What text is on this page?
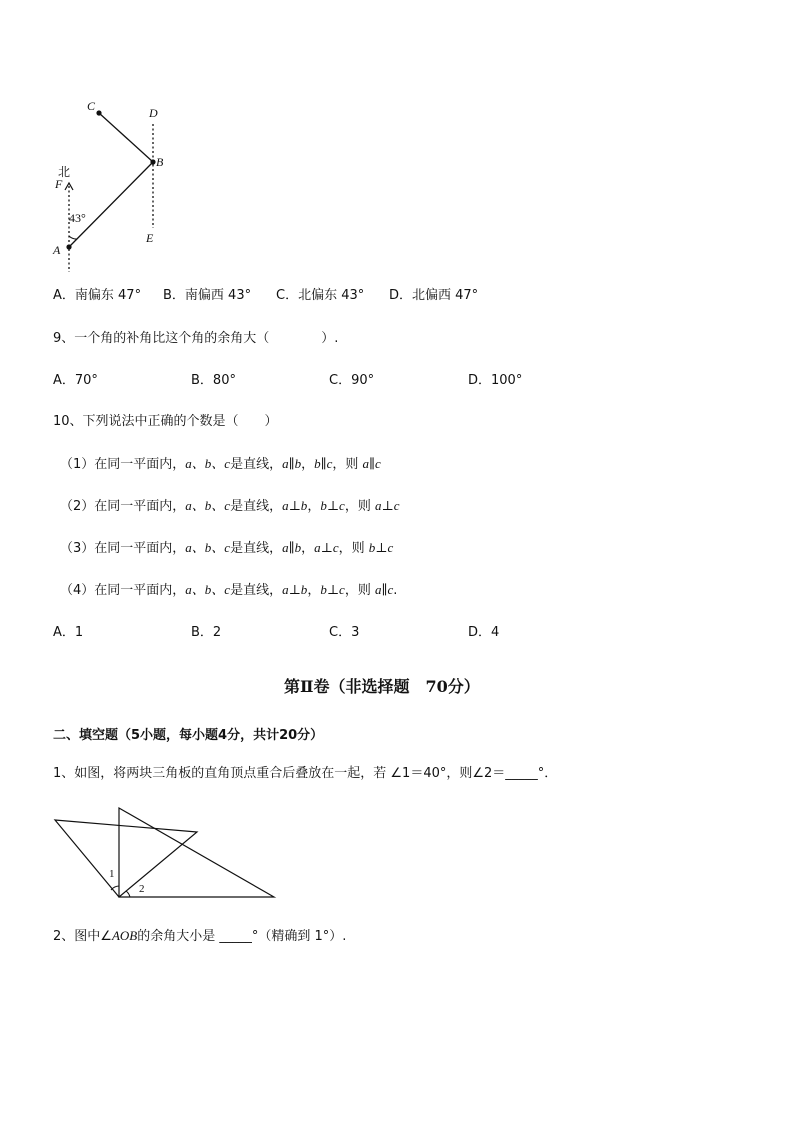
C	D
B
北
F
43°
A
E
A．南偏东 47° B．南偏西 43° C．北偏东 43° D．北偏西 47°
9、一个角的补角比这个角的余角大（　　　　）.
A．70°	B．80°	C．90°	D．100°
10、下列说法中正确的个数是（　　）
（1）在同一平面内，a、b、c是直线，a∥b，b∥c，则 a∥c
（2）在同一平面内，a、b、c是直线，a⊥b，b⊥c，则 a⊥c
（3）在同一平面内，a、b、c是直线，a∥b，a⊥c，则 b⊥c
（4）在同一平面内，a、b、c是直线，a⊥b，b⊥c，则 a∥c.
A．1	B．2	C．3	D．4
第Ⅱ卷（非选择题　70分）
二、填空题（5小题，每小题4分，共计20分）
1、如图，将两块三角板的直角顶点重合后叠放在一起，若 ∠1＝40°，则∠2＝_____°．
1
2
2、图中∠AOB的余角大小是 _____°（精确到 1°）.
